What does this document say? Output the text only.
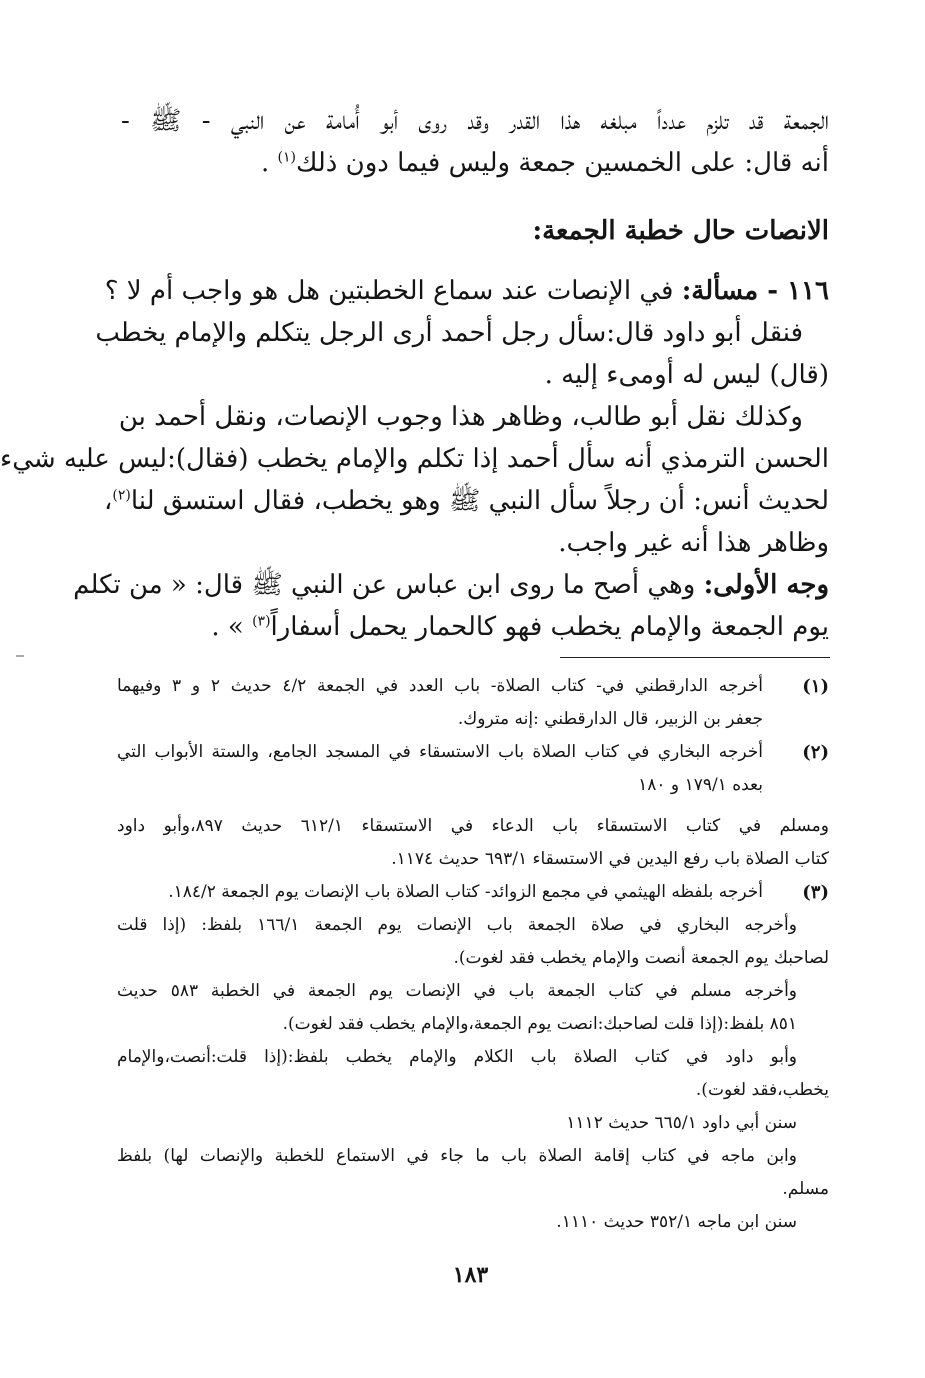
الجمعة قد تلزم عدداً مبلغه هذا القدر وقد روى أبو أُمامة عن النبي - ﷺ -
أنه قال: على الخمسين جمعة وليس فيما دون ذلك$^{(١)}$ .
الانصات حال خطبة الجمعة:
١١٦ - مسألة: في الإنصات عند سماع الخطبتين هل هو واجب أم لا ؟
فنقل أبو داود قال:سأل رجل أحمد أرى الرجل يتكلم والإمام يخطب
(قال) ليس له أومىء إليه .
وكذلك نقل أبو طالب، وظاهر هذا وجوب الإنصات، ونقل أحمد بن
الحسن الترمذي أنه سأل أحمد إذا تكلم والإمام يخطب (فقال):ليس عليه شيء
لحديث أنس: أن رجلاً سأل النبي ﷺ وهو يخطب، فقال استسق لنا$^{(٢)}$،
وظاهر هذا أنه غير واجب.
وجه الأولى: وهي أصح ما روى ابن عباس عن النبي ﷺ قال: « من تكلم
يوم الجمعة والإمام يخطب فهو كالحمار يحمل أسفاراً$^{(٣)}$ » .
(١)
أخرجه الدارقطني في- كتاب الصلاة- باب العدد في الجمعة ٤/٢ حديث ٢ و ٣ وفيهما
جعفر بن الزبير، قال الدارقطني :إنه متروك.
(٢)
أخرجه البخاري في كتاب الصلاة باب الاستسقاء في المسجد الجامع، والستة الأبواب التي
بعده ١٧٩/١ و ١٨٠
ومسلم في كتاب الاستسقاء باب الدعاء في الاستسقاء ٦١٢/١ حديث ٨٩٧،وأبو داود
كتاب الصلاة باب رفع اليدين في الاستسقاء ٦٩٣/١ حديث ١١٧٤.
(٣)
أخرجه بلفظه الهيثمي في مجمع الزوائد- كتاب الصلاة باب الإنصات يوم الجمعة ١٨٤/٢.
وأخرجه البخاري في صلاة الجمعة باب الإنصات يوم الجمعة ١٦٦/١ بلفظ: (إذا قلت
لصاحبك يوم الجمعة أنصت والإمام يخطب فقد لغوت).
وأخرجه مسلم في كتاب الجمعة باب في الإنصات يوم الجمعة في الخطبة ٥٨٣ حديث
٨٥١ بلفظ:(إذا قلت لصاحبك:انصت يوم الجمعة،والإمام يخطب فقد لغوت).
وأبو داود في كتاب الصلاة باب الكلام والإمام يخطب بلفظ:(إذا قلت:أنصت،والإمام
يخطب،فقد لغوت).
سنن أبي داود ٦٦٥/١ حديث ١١١٢
وابن ماجه في كتاب إقامة الصلاة باب ما جاء في الاستماع للخطبة والإنصات لها) بلفظ
مسلم.
سنن ابن ماجه ٣٥٢/١ حديث ١١١٠.
١٨٣
